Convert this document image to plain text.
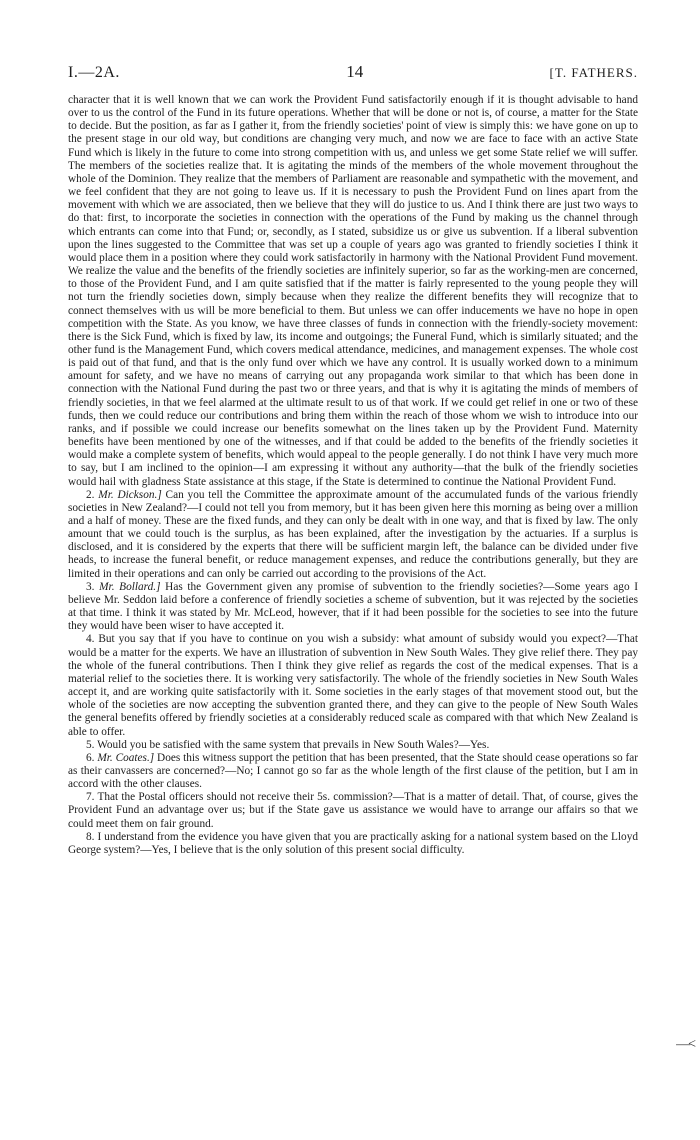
I.—2A.	14	[T. FATHERS.

character that it is well known that we can work the Provident Fund satisfactorily enough if it is thought advisable to hand over to us the control of the Fund in its future operations. Whether that will be done or not is, of course, a matter for the State to decide. But the position, as far as I gather it, from the friendly societies' point of view is simply this: we have gone on up to the present stage in our old way, but conditions are changing very much, and now we are face to face with an active State Fund which is likely in the future to come into strong competition with us, and unless we get some State relief we will suffer. The members of the societies realize that. It is agitating the minds of the members of the whole movement throughout the whole of the Dominion. They realize that the members of Parliament are reasonable and sympathetic with the movement, and we feel confident that they are not going to leave us. If it is necessary to push the Provident Fund on lines apart from the movement with which we are associated, then we believe that they will do justice to us. And I think there are just two ways to do that: first, to incorporate the societies in connection with the operations of the Fund by making us the channel through which entrants can come into that Fund; or, secondly, as I stated, subsidize us or give us subvention. If a liberal subvention upon the lines suggested to the Committee that was set up a couple of years ago was granted to friendly societies I think it would place them in a position where they could work satisfactorily in harmony with the National Provident Fund movement. We realize the value and the benefits of the friendly societies are infinitely superior, so far as the working-men are concerned, to those of the Provident Fund, and I am quite satisfied that if the matter is fairly represented to the young people they will not turn the friendly societies down, simply because when they realize the different benefits they will recognize that to connect themselves with us will be more beneficial to them. But unless we can offer inducements we have no hope in open competition with the State. As you know, we have three classes of funds in connection with the friendly-society movement: there is the Sick Fund, which is fixed by law, its income and outgoings; the Funeral Fund, which is similarly situated; and the other fund is the Management Fund, which covers medical attendance, medicines, and management expenses. The whole cost is paid out of that fund, and that is the only fund over which we have any control. It is usually worked down to a minimum amount for safety, and we have no means of carrying out any propaganda work similar to that which has been done in connection with the National Fund during the past two or three years, and that is why it is agitating the minds of members of friendly societies, in that we feel alarmed at the ultimate result to us of that work. If we could get relief in one or two of these funds, then we could reduce our contributions and bring them within the reach of those whom we wish to introduce into our ranks, and if possible we could increase our benefits somewhat on the lines taken up by the Provident Fund. Maternity benefits have been mentioned by one of the witnesses, and if that could be added to the benefits of the friendly societies it would make a complete system of benefits, which would appeal to the people generally. I do not think I have very much more to say, but I am inclined to the opinion—I am expressing it without any authority—that the bulk of the friendly societies would hail with gladness State assistance at this stage, if the State is determined to continue the National Provident Fund.

2. Mr. Dickson.] Can you tell the Committee the approximate amount of the accumulated funds of the various friendly societies in New Zealand?—I could not tell you from memory, but it has been given here this morning as being over a million and a half of money. These are the fixed funds, and they can only be dealt with in one way, and that is fixed by law. The only amount that we could touch is the surplus, as has been explained, after the investigation by the actuaries. If a surplus is disclosed, and it is considered by the experts that there will be sufficient margin left, the balance can be divided under five heads, to increase the funeral benefit, or reduce management expenses, and reduce the contributions generally, but they are limited in their operations and can only be carried out according to the provisions of the Act.

3. Mr. Bollard.] Has the Government given any promise of subvention to the friendly societies?—Some years ago I believe Mr. Seddon laid before a conference of friendly societies a scheme of subvention, but it was rejected by the societies at that time. I think it was stated by Mr. McLeod, however, that if it had been possible for the societies to see into the future they would have been wiser to have accepted it.

4. But you say that if you have to continue on you wish a subsidy: what amount of subsidy would you expect?—That would be a matter for the experts. We have an illustration of subvention in New South Wales. They give relief there. They pay the whole of the funeral contributions. Then I think they give relief as regards the cost of the medical expenses. That is a material relief to the societies there. It is working very satisfactorily. The whole of the friendly societies in New South Wales accept it, and are working quite satisfactorily with it. Some societies in the early stages of that movement stood out, but the whole of the societies are now accepting the subvention granted there, and they can give to the people of New South Wales the general benefits offered by friendly societies at a considerably reduced scale as compared with that which New Zealand is able to offer.

5. Would you be satisfied with the same system that prevails in New South Wales?—Yes.

6. Mr. Coates.] Does this witness support the petition that has been presented, that the State should cease operations so far as their canvassers are concerned?—No; I cannot go so far as the whole length of the first clause of the petition, but I am in accord with the other clauses.

7. That the Postal officers should not receive their 5s. commission?—That is a matter of detail. That, of course, gives the Provident Fund an advantage over us; but if the State gave us assistance we would have to arrange our affairs so that we could meet them on fair ground.

8. I understand from the evidence you have given that you are practically asking for a national system based on the Lloyd George system?—Yes, I believe that is the only solution of this present social difficulty.

—<
